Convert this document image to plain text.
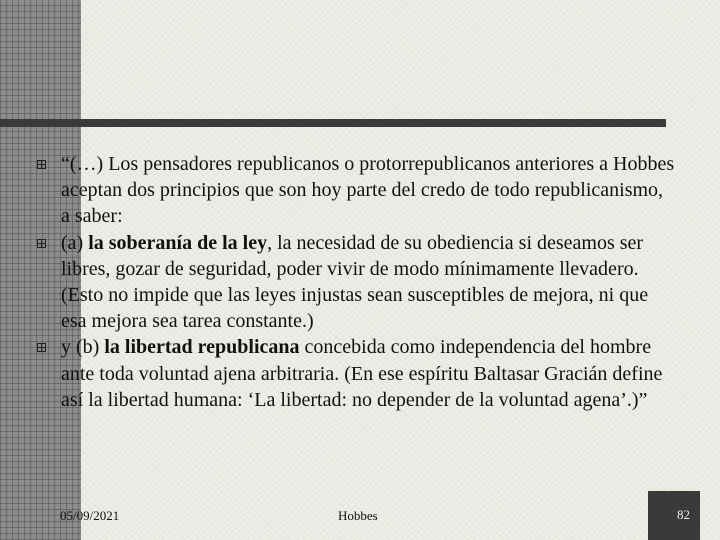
“(…) Los pensadores republicanos o protorrepublicanos anteriores a Hobbes aceptan dos principios que son hoy parte del credo de todo republicanismo, a saber:
(a) la soberanía de la ley, la necesidad de su obediencia si deseamos ser libres, gozar de seguridad, poder vivir de modo mínimamente llevadero. (Esto no impide que las leyes injustas sean susceptibles de mejora, ni que esa mejora sea tarea constante.)
y (b) la libertad republicana concebida como independencia del hombre ante toda voluntad ajena arbitraria. (En ese espíritu Baltasar Gracián define así la libertad humana: ‘La libertad: no depender de la voluntad agena’.)”
05/09/2021	Hobbes	82
